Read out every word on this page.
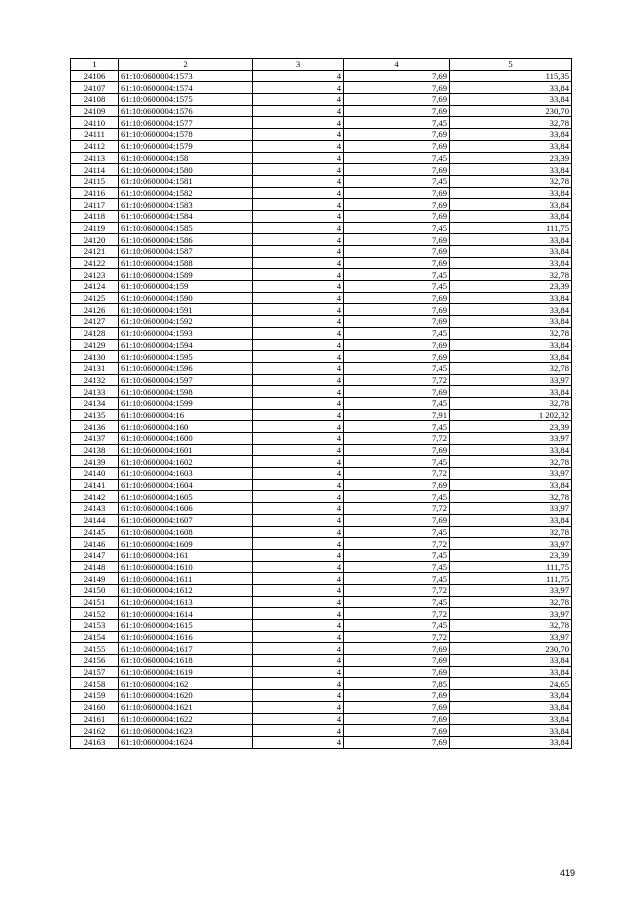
1	2	3	4	5
24106	61:10:0600004:1573	4	7,69	115,35
24107	61:10:0600004:1574	4	7,69	33,84
24108	61:10:0600004:1575	4	7,69	33,84
24109	61:10:0600004:1576	4	7,69	230,70
24110	61:10:0600004:1577	4	7,45	32,78
24111	61:10:0600004:1578	4	7,69	33,84
24112	61:10:0600004:1579	4	7,69	33,84
24113	61:10:0600004:158	4	7,45	23,39
24114	61:10:0600004:1580	4	7,69	33,84
24115	61:10:0600004:1581	4	7,45	32,78
24116	61:10:0600004:1582	4	7,69	33,84
24117	61:10:0600004:1583	4	7,69	33,84
24118	61:10:0600004:1584	4	7,69	33,84
24119	61:10:0600004:1585	4	7,45	111,75
24120	61:10:0600004:1586	4	7,69	33,84
24121	61:10:0600004:1587	4	7,69	33,84
24122	61:10:0600004:1588	4	7,69	33,84
24123	61:10:0600004:1589	4	7,45	32,78
24124	61:10:0600004:159	4	7,45	23,39
24125	61:10:0600004:1590	4	7,69	33,84
24126	61:10:0600004:1591	4	7,69	33,84
24127	61:10:0600004:1592	4	7,69	33,84
24128	61:10:0600004:1593	4	7,45	32,78
24129	61:10:0600004:1594	4	7,69	33,84
24130	61:10:0600004:1595	4	7,69	33,84
24131	61:10:0600004:1596	4	7,45	32,78
24132	61:10:0600004:1597	4	7,72	33,97
24133	61:10:0600004:1598	4	7,69	33,84
24134	61:10:0600004:1599	4	7,45	32,78
24135	61:10:0600004:16	4	7,91	1 202,32
24136	61:10:0600004:160	4	7,45	23,39
24137	61:10:0600004:1600	4	7,72	33,97
24138	61:10:0600004:1601	4	7,69	33,84
24139	61:10:0600004:1602	4	7,45	32,78
24140	61:10:0600004:1603	4	7,72	33,97
24141	61:10:0600004:1604	4	7,69	33,84
24142	61:10:0600004:1605	4	7,45	32,78
24143	61:10:0600004:1606	4	7,72	33,97
24144	61:10:0600004:1607	4	7,69	33,84
24145	61:10:0600004:1608	4	7,45	32,78
24146	61:10:0600004:1609	4	7,72	33,97
24147	61:10:0600004:161	4	7,45	23,39
24148	61:10:0600004:1610	4	7,45	111,75
24149	61:10:0600004:1611	4	7,45	111,75
24150	61:10:0600004:1612	4	7,72	33,97
24151	61:10:0600004:1613	4	7,45	32,78
24152	61:10:0600004:1614	4	7,72	33,97
24153	61:10:0600004:1615	4	7,45	32,78
24154	61:10:0600004:1616	4	7,72	33,97
24155	61:10:0600004:1617	4	7,69	230,70
24156	61:10:0600004:1618	4	7,69	33,84
24157	61:10:0600004:1619	4	7,69	33,84
24158	61:10:0600004:162	4	7,85	24,65
24159	61:10:0600004:1620	4	7,69	33,84
24160	61:10:0600004:1621	4	7,69	33,84
24161	61:10:0600004:1622	4	7,69	33,84
24162	61:10:0600004:1623	4	7,69	33,84
24163	61:10:0600004:1624	4	7,69	33,84
419
